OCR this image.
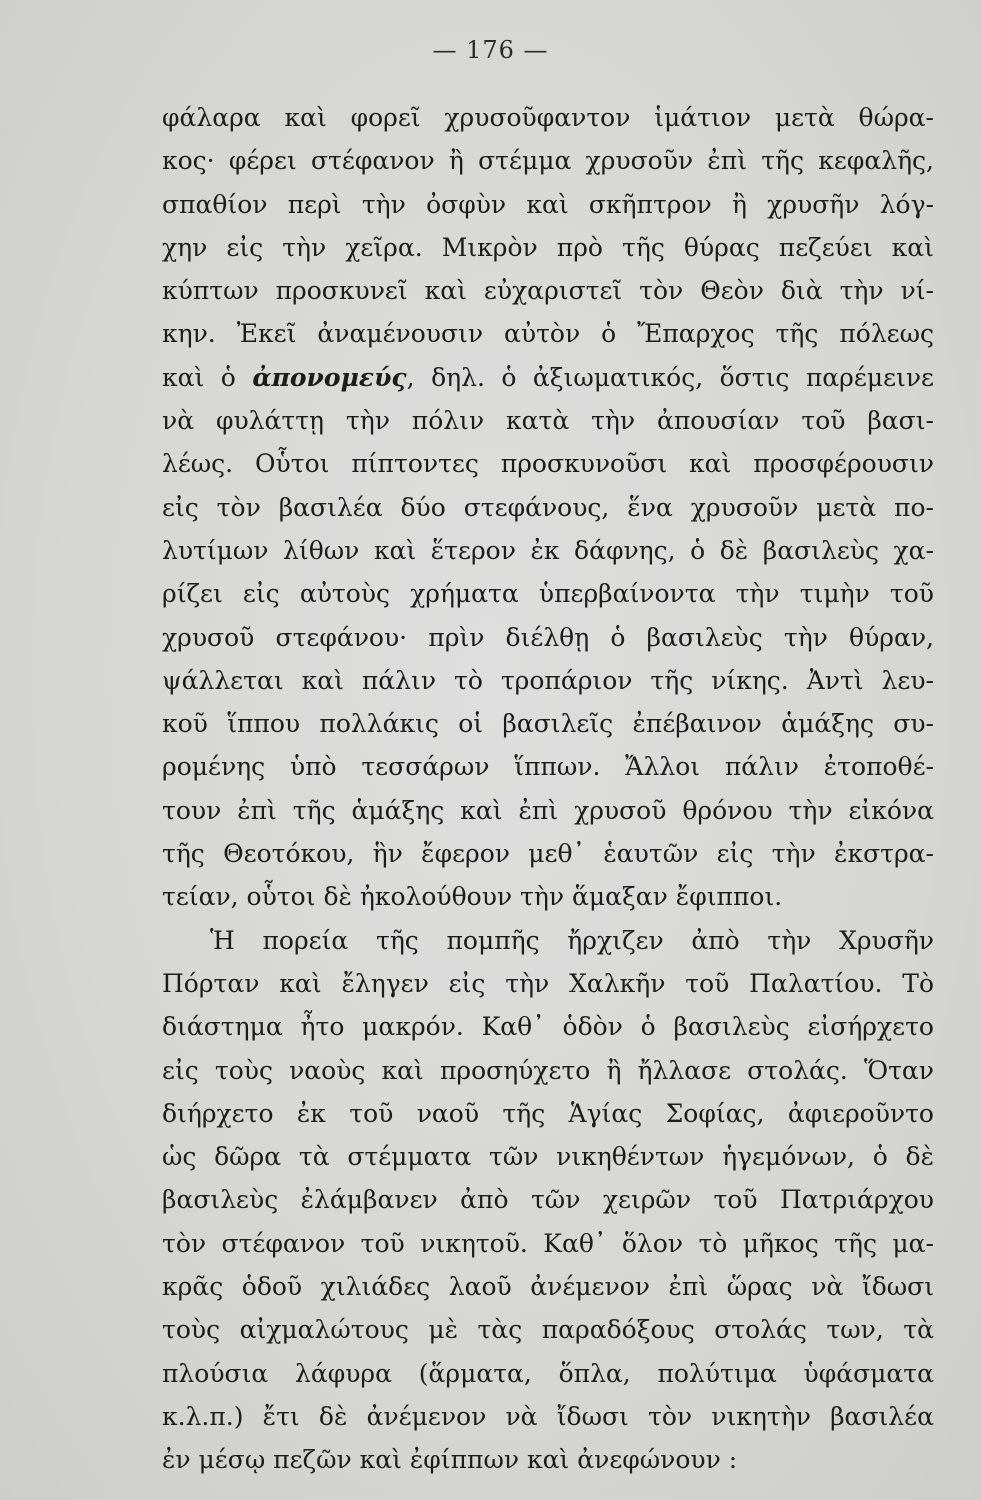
— 176 —
φάλαρα καὶ φορεῖ χρυσοῦφαντον ἱμάτιον μετὰ θώρα-
κος· φέρει στέφανον ἢ στέμμα χρυσοῦν ἐπὶ τῆς κεφαλῆς,
σπαθίον περὶ τὴν ὀσφὺν καὶ σκῆπτρον ἢ χρυσῆν λόγ-
χην εἰς τὴν χεῖρα. Μικρὸν πρὸ τῆς θύρας πεζεύει καὶ
κύπτων προσκυνεῖ καὶ εὐχαριστεῖ τὸν Θεὸν διὰ τὴν νί-
κην. Ἐκεῖ ἀναμένουσιν αὐτὸν ὁ Ἔπαρχος τῆς πόλεως
καὶ ὁ ἀπονομεύς, δηλ. ὁ ἀξιωματικός, ὅστις παρέμεινε
νὰ φυλάττῃ τὴν πόλιν κατὰ τὴν ἀπουσίαν τοῦ βασι-
λέως. Οὗτοι πίπτοντες προσκυνοῦσι καὶ προσφέρουσιν
εἰς τὸν βασιλέα δύο στεφάνους, ἕνα χρυσοῦν μετὰ πο-
λυτίμων λίθων καὶ ἕτερον ἐκ δάφνης, ὁ δὲ βασιλεὺς χα-
ρίζει εἰς αὐτοὺς χρήματα ὑπερβαίνοντα τὴν τιμὴν τοῦ
χρυσοῦ στεφάνου· πρὶν διέλθῃ ὁ βασιλεὺς τὴν θύραν,
ψάλλεται καὶ πάλιν τὸ τροπάριον τῆς νίκης. Ἀντὶ λευ-
κοῦ ἵππου πολλάκις οἱ βασιλεῖς ἐπέβαινον ἁμάξης συ-
ρομένης ὑπὸ τεσσάρων ἵππων. Ἄλλοι πάλιν ἐτοποθέ-
τουν ἐπὶ τῆς ἁμάξης καὶ ἐπὶ χρυσοῦ θρόνου τὴν εἰκόνα
τῆς Θεοτόκου, ἣν ἔφερον μεθ᾿ ἑαυτῶν εἰς τὴν ἐκστρα-
τείαν, οὗτοι δὲ ἠκολούθουν τὴν ἅμαξαν ἔφιπποι.
Ἡ πορεία τῆς πομπῆς ἤρχιζεν ἀπὸ τὴν Χρυσῆν
Πόρταν καὶ ἔληγεν εἰς τὴν Χαλκῆν τοῦ Παλατίου. Τὸ
διάστημα ἦτο μακρόν. Καθ᾿ ὁδὸν ὁ βασιλεὺς εἰσήρχετο
εἰς τοὺς ναοὺς καὶ προσηύχετο ἢ ἤλλασε στολάς. Ὅταν
διήρχετο ἐκ τοῦ ναοῦ τῆς Ἁγίας Σοφίας, ἀφιεροῦντο
ὡς δῶρα τὰ στέμματα τῶν νικηθέντων ἡγεμόνων, ὁ δὲ
βασιλεὺς ἐλάμβανεν ἀπὸ τῶν χειρῶν τοῦ Πατριάρχου
τὸν στέφανον τοῦ νικητοῦ. Καθ᾿ ὅλον τὸ μῆκος τῆς μα-
κρᾶς ὁδοῦ χιλιάδες λαοῦ ἀνέμενον ἐπὶ ὥρας νὰ ἴδωσι
τοὺς αἰχμαλώτους μὲ τὰς παραδόξους στολάς των, τὰ
πλούσια λάφυρα (ἅρματα, ὅπλα, πολύτιμα ὑφάσματα
κ.λ.π.) ἔτι δὲ ἀνέμενον νὰ ἴδωσι τὸν νικητὴν βασιλέα
ἐν μέσῳ πεζῶν καὶ ἐφίππων καὶ ἀνεφώνουν :
